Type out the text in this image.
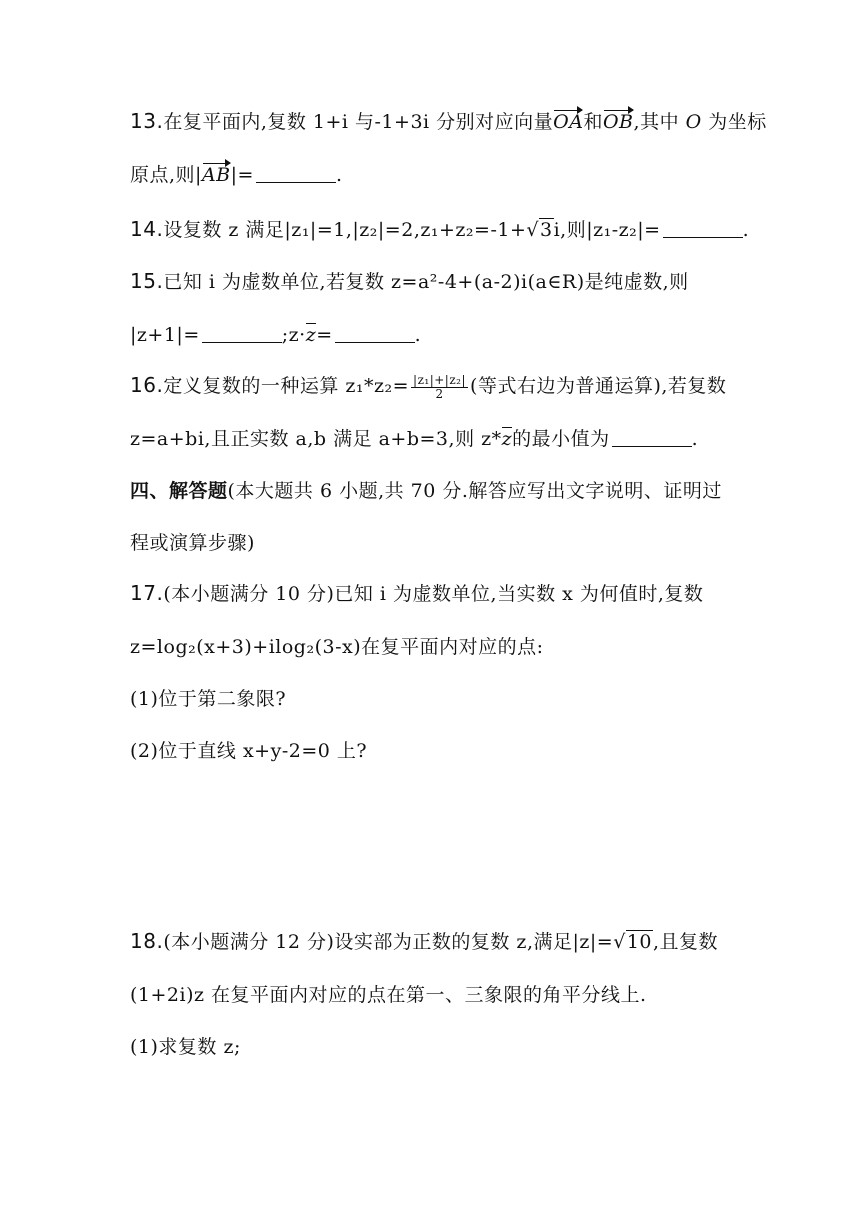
13.在复平面内,复数 1+i 与-1+3i 分别对应向量OA和OB,其中 O 为坐标
原点,则|AB|=	.
14.设复数 z 满足|z₁|=1,|z₂|=2,z₁+z₂=-1+√3i,则|z₁-z₂|=	.
15.已知 i 为虚数单位,若复数 z=a²-4+(a-2)i(a∈R)是纯虚数,则
|z+1|=	;z·z=	.
16.定义复数的一种运算 $z_1*z_2= \frac{\text{|z₁|+|z₂|}}{2}$ (等式右边为普通运算),若复数
z=a+bi,且正实数 a,b 满足 a+b=3,则 z*z的最小值为	.
四、解答题(本大题共 6 小题,共 70 分.解答应写出文字说明、证明过
程或演算步骤)
17.(本小题满分 10 分)已知 i 为虚数单位,当实数 x 为何值时,复数
z=log₂(x+3)+ilog₂(3-x)在复平面内对应的点:
(1)位于第二象限?
(2)位于直线 x+y-2=0 上?
18.(本小题满分 12 分)设实部为正数的复数 z,满足|z|=√10,且复数
(1+2i)z 在复平面内对应的点在第一、三象限的角平分线上.
(1)求复数 z;
